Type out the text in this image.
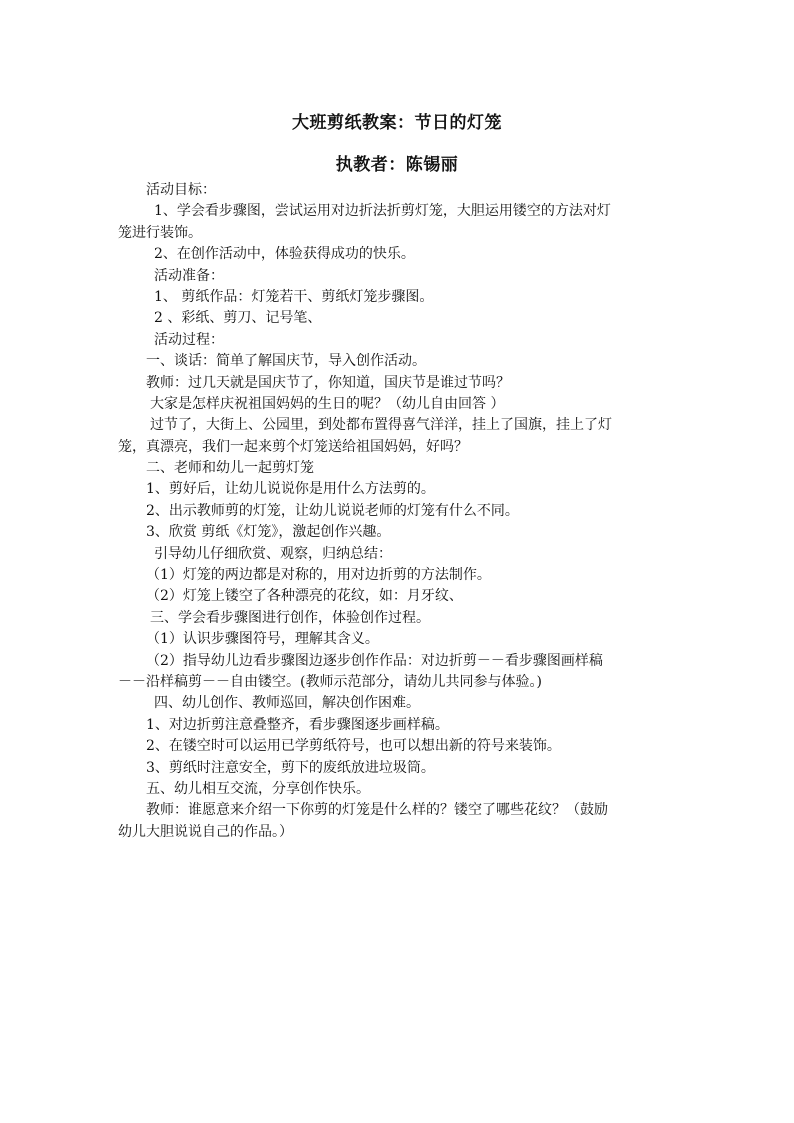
大班剪纸教案：节日的灯笼
执教者：陈锡丽
活动目标：
1、学会看步骤图，尝试运用对边折法折剪灯笼，大胆运用镂空的方法对灯
笼进行装饰。
2、在创作活动中，体验获得成功的快乐。
活动准备：
1、 剪纸作品：灯笼若干、剪纸灯笼步骤图。
2 、彩纸、剪刀、记号笔、
活动过程：
一、谈话：简单了解国庆节，导入创作活动。
教师：过几天就是国庆节了，你知道，国庆节是谁过节吗？
大家是怎样庆祝祖国妈妈的生日的呢？（幼儿自由回答 ）
过节了，大街上、公园里，到处都布置得喜气洋洋，挂上了国旗，挂上了灯
笼，真漂亮，我们一起来剪个灯笼送给祖国妈妈，好吗？
二、老师和幼儿一起剪灯笼
1、剪好后，让幼儿说说你是用什么方法剪的。
2、出示教师剪的灯笼，让幼儿说说老师的灯笼有什么不同。
3、欣赏 剪纸《灯笼》，激起创作兴趣。
引导幼儿仔细欣赏、观察，归纳总结：
（1）灯笼的两边都是对称的，用对边折剪的方法制作。
（2）灯笼上镂空了各种漂亮的花纹，如：月牙纹、
三、学会看步骤图进行创作，体验创作过程。
（1）认识步骤图符号，理解其含义。
（2）指导幼儿边看步骤图边逐步创作作品：对边折剪－－看步骤图画样稿
－－沿样稿剪－－自由镂空。(教师示范部分，请幼儿共同参与体验。)
四、幼儿创作、教师巡回，解决创作困难。
1、对边折剪注意叠整齐，看步骤图逐步画样稿。
2、在镂空时可以运用已学剪纸符号，也可以想出新的符号来装饰。
3、剪纸时注意安全，剪下的废纸放进垃圾筒。
五、幼儿相互交流，分享创作快乐。
教师：谁愿意来介绍一下你剪的灯笼是什么样的？镂空了哪些花纹？（鼓励
幼儿大胆说说自己的作品。）
